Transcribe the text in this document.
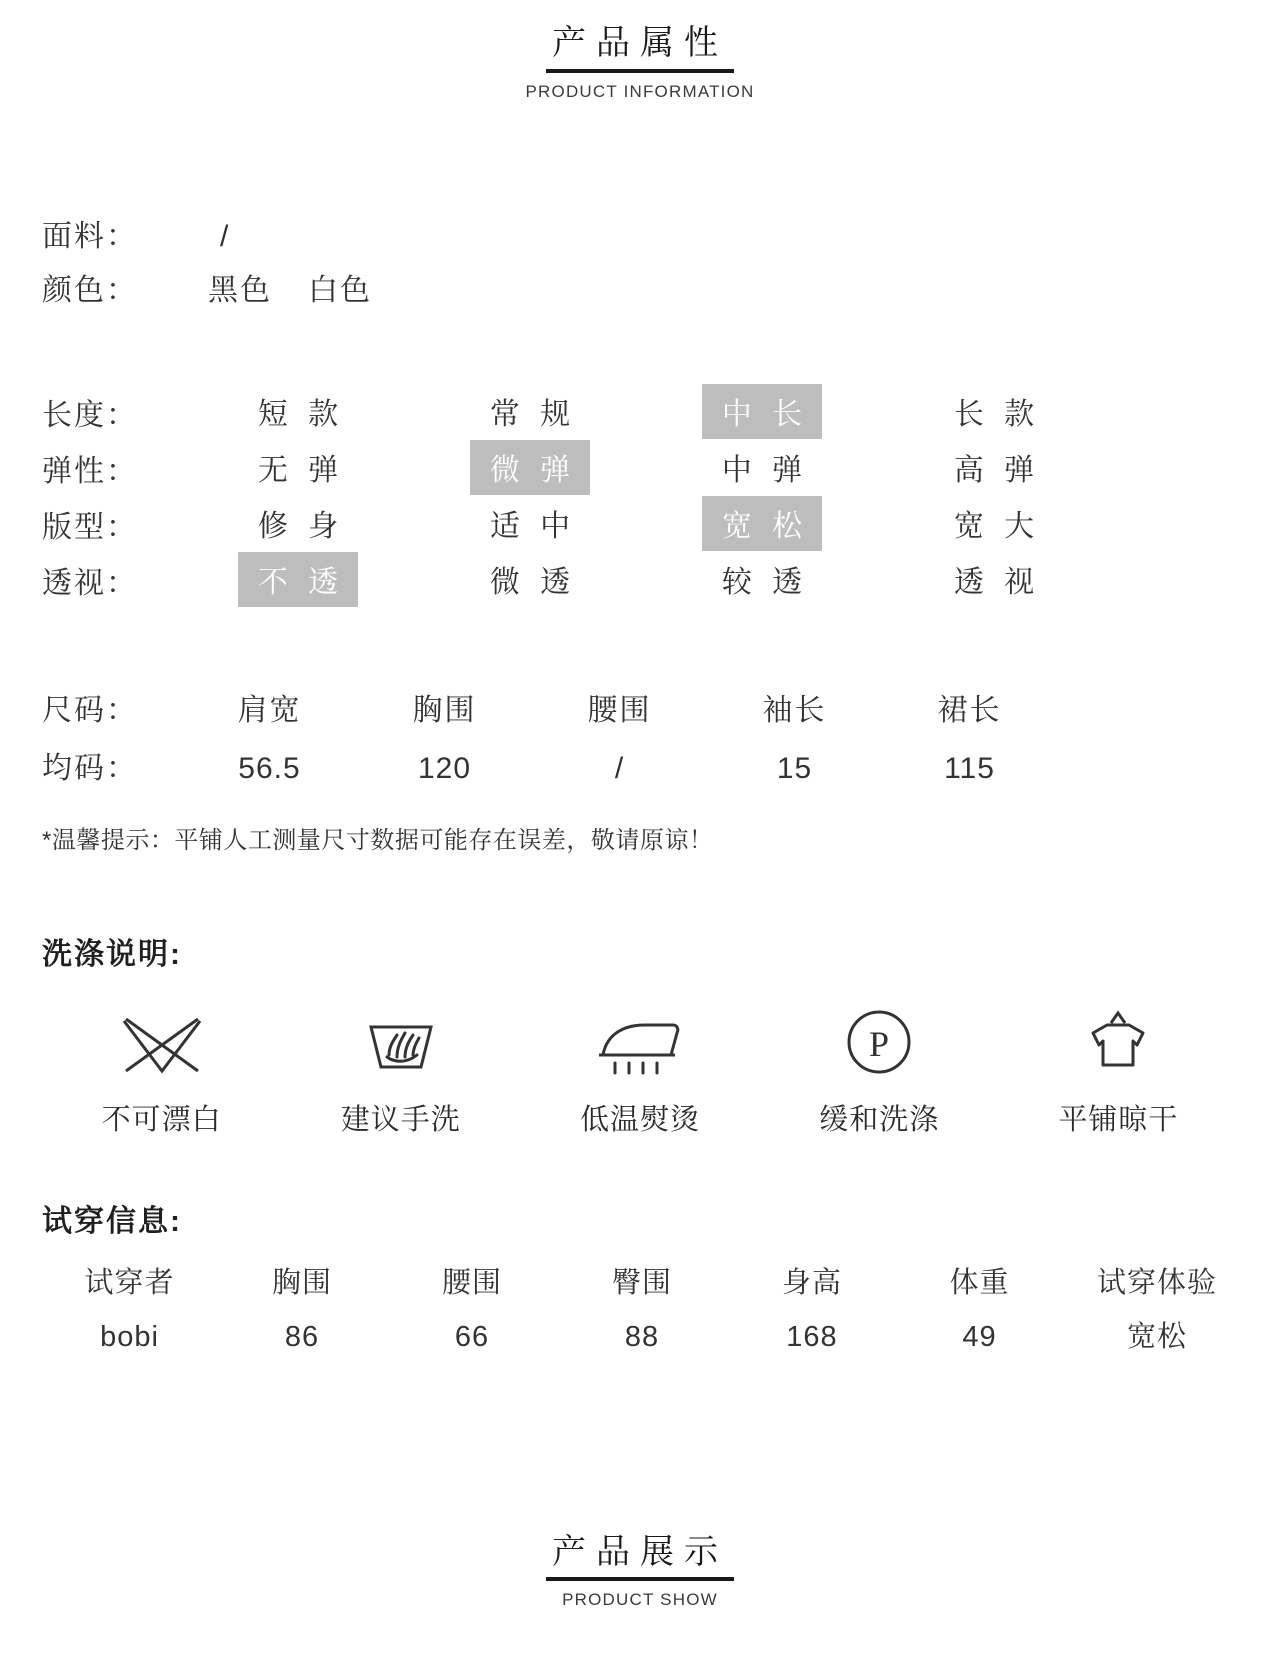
产品属性
PRODUCT INFORMATION
面料：	/
颜色：	黑色 白色
长度：	短 款	常 规	中 长	长 款
弹性：	无 弹	微 弹	中 弹	高 弹
版型：	修 身	适 中	宽 松	宽 大
透视：	不 透	微 透	较 透	透 视
尺码：	肩宽	胸围	腰围	袖长	裙长
均码：	56.5	120	/	15	115
*温馨提示：平铺人工测量尺寸数据可能存在误差，敬请原谅！
洗涤说明:
不可漂白	建议手洗	低温熨烫
P
缓和洗涤	平铺晾干
试穿信息:
试穿者	胸围	腰围	臀围	身高	体重	试穿体验
bobi	86	66	88	168	49	宽松
产品展示
PRODUCT SHOW
